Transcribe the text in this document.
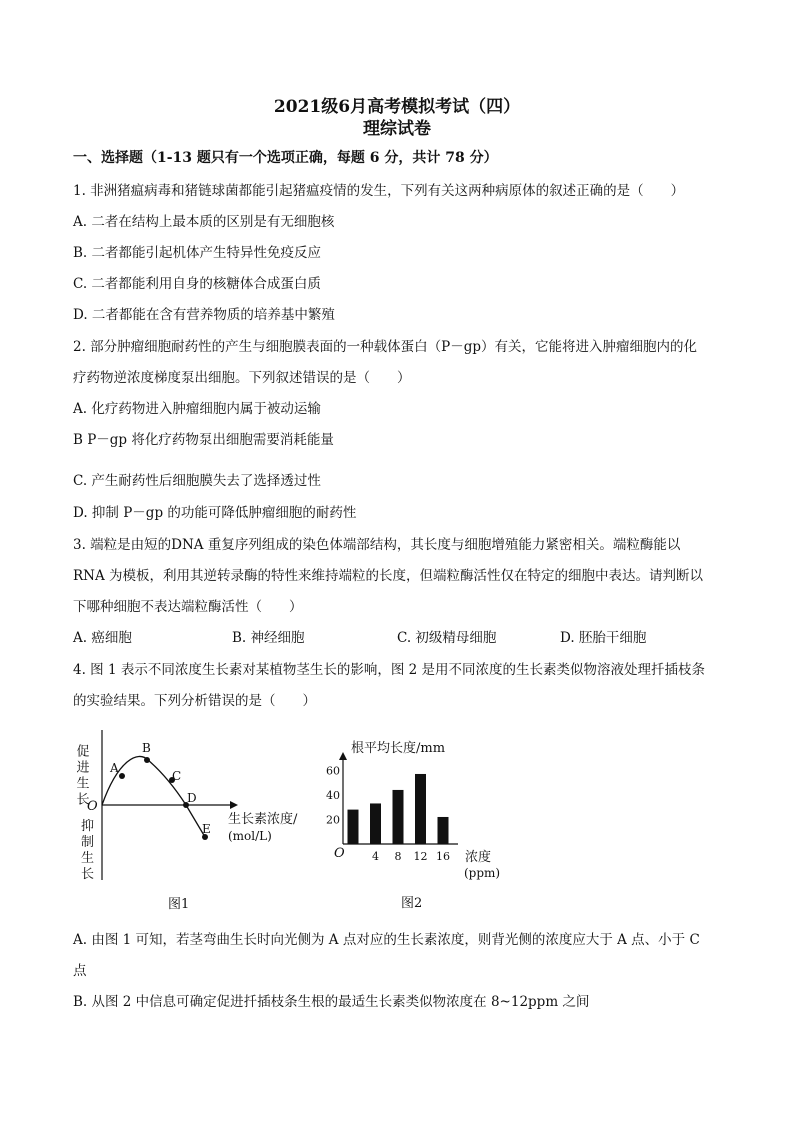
2021级6月高考模拟考试（四）
理综试卷
一、选择题（1-13 题只有一个选项正确，每题 6 分，共计 78 分）
1. 非洲猪瘟病毒和猪链球菌都能引起猪瘟疫情的发生，下列有关这两种病原体的叙述正确的是（　　）
A. 二者在结构上最本质的区别是有无细胞核
B. 二者都能引起机体产生特异性免疫反应
C. 二者都能利用自身的核糖体合成蛋白质
D. 二者都能在含有营养物质的培养基中繁殖
2. 部分肿瘤细胞耐药性的产生与细胞膜表面的一种载体蛋白（P－gp）有关，它能将进入肿瘤细胞内的化
疗药物逆浓度梯度泵出细胞。下列叙述错误的是（　　）
A. 化疗药物进入肿瘤细胞内属于被动运输
B P－gp 将化疗药物泵出细胞需要消耗能量
C. 产生耐药性后细胞膜失去了选择透过性
D. 抑制 P－gp 的功能可降低肿瘤细胞的耐药性
3. 端粒是由短的DNA 重复序列组成的染色体端部结构，其长度与细胞增殖能力紧密相关。端粒酶能以
RNA 为模板，利用其逆转录酶的特性来维持端粒的长度，但端粒酶活性仅在特定的细胞中表达。请判断以
下哪种细胞不表达端粒酶活性（　　）
A. 癌细胞	B. 神经细胞	C. 初级精母细胞	D. 胚胎干细胞
4. 图 1 表示不同浓度生长素对某植物茎生长的影响，图 2 是用不同浓度的生长素类似物溶液处理扦插枝条
的实验结果。下列分析错误的是（　　）
促进生长
抑制生长
O
A
B
C
D
E
生长素浓度/
(mol/L)
图1
根平均长度/mm
O
20
40
60
4 8 12 16 浓度
(ppm)
图2
A. 由图 1 可知，若茎弯曲生长时向光侧为 A 点对应的生长素浓度，则背光侧的浓度应大于 A 点、小于 C
点
B. 从图 2 中信息可确定促进扦插枝条生根的最适生长素类似物浓度在 8~12ppm 之间
